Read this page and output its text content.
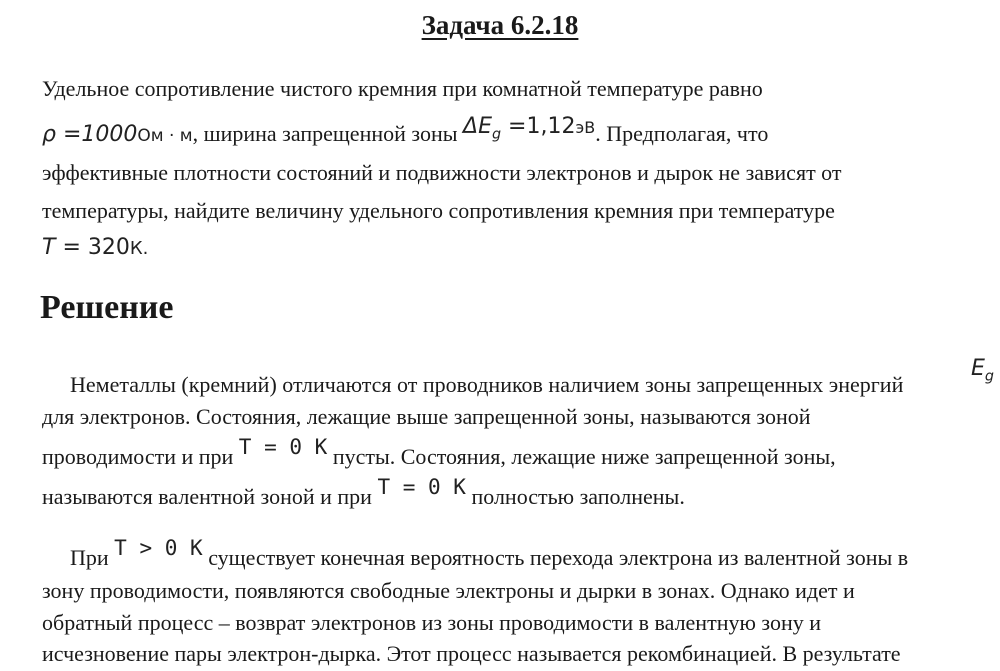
Задача 6.2.18
Удельное сопротивление чистого кремния при комнатной температуре равно
ρ =1000Ом · м, ширина запрещенной зоны $\Delta E_g =1,12эВ$. Предполагая, что
эффективные плотности состояний и подвижности электронов и дырок не зависят от
температуры, найдите величину удельного сопротивления кремния при температуре
T = 320К.
Решение
Неметаллы (кремний) отличаются от проводников наличием зоны запрещенных энергий
$E_g$
для электронов. Состояния, лежащие выше запрещенной зоны, называются зоной
проводимости и при T = 0 K пусты. Состояния, лежащие ниже запрещенной зоны,
называются валентной зоной и при T = 0 K полностью заполнены.
При T > 0 K существует конечная вероятность перехода электрона из валентной зоны в
зону проводимости, появляются свободные электроны и дырки в зонах. Однако идет и
обратный процесс – возврат электронов из зоны проводимости в валентную зону и
исчезновение пары электрон-дырка. Этот процесс называется рекомбинацией. В результате
